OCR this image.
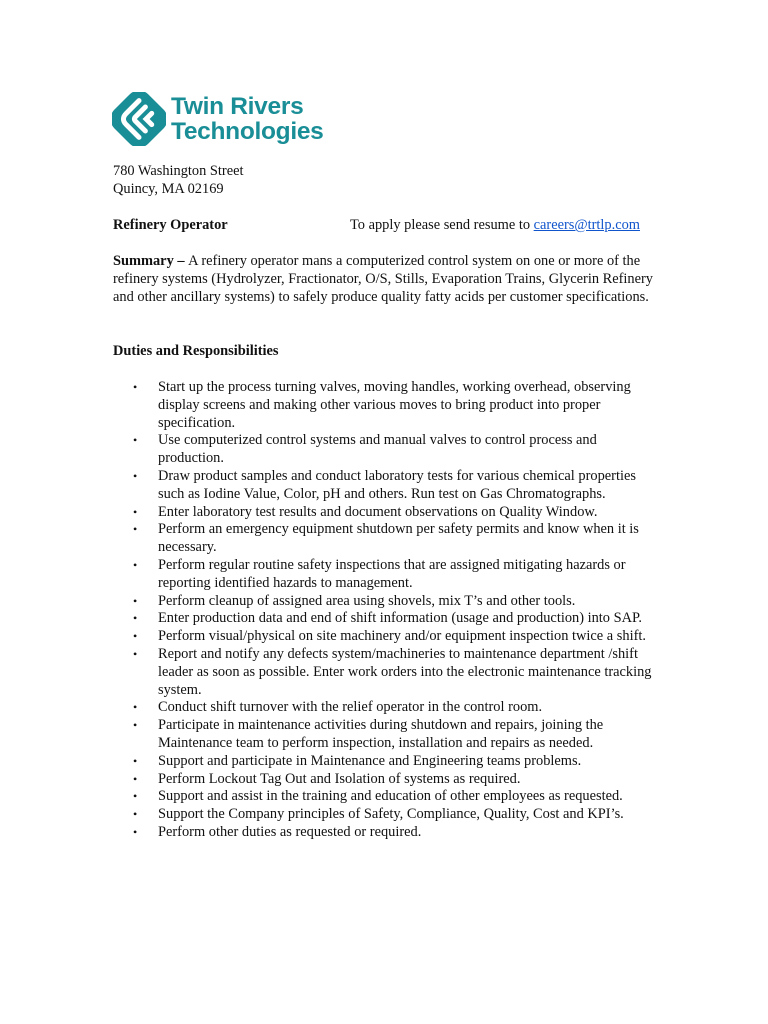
Twin Rivers
Technologies
780 Washington Street
Quincy, MA 02169
Refinery Operator	To apply please send resume to careers@trtlp.com

Summary – A refinery operator mans a computerized control system on one or more of the refinery systems (Hydrolyzer, Fractionator, O/S, Stills, Evaporation Trains, Glycerin Refinery and other ancillary systems) to safely produce quality fatty acids per customer specifications.

Duties and Responsibilities
• Start up the process turning valves, moving handles, working overhead, observing display screens and making other various moves to bring product into proper specification.
• Use computerized control systems and manual valves to control process and production.
• Draw product samples and conduct laboratory tests for various chemical properties such as Iodine Value, Color, pH and others. Run test on Gas Chromatographs.
• Enter laboratory test results and document observations on Quality Window.
• Perform an emergency equipment shutdown per safety permits and know when it is necessary.
• Perform regular routine safety inspections that are assigned mitigating hazards or reporting identified hazards to management.
• Perform cleanup of assigned area using shovels, mix T’s and other tools.
• Enter production data and end of shift information (usage and production) into SAP.
• Perform visual/physical on site machinery and/or equipment inspection twice a shift.
• Report and notify any defects system/machineries to maintenance department /shift leader as soon as possible. Enter work orders into the electronic maintenance tracking system.
• Conduct shift turnover with the relief operator in the control room.
• Participate in maintenance activities during shutdown and repairs, joining the Maintenance team to perform inspection, installation and repairs as needed.
• Support and participate in Maintenance and Engineering teams problems.
• Perform Lockout Tag Out and Isolation of systems as required.
• Support and assist in the training and education of other employees as requested.
• Support the Company principles of Safety, Compliance, Quality, Cost and KPI’s.
• Perform other duties as requested or required.
